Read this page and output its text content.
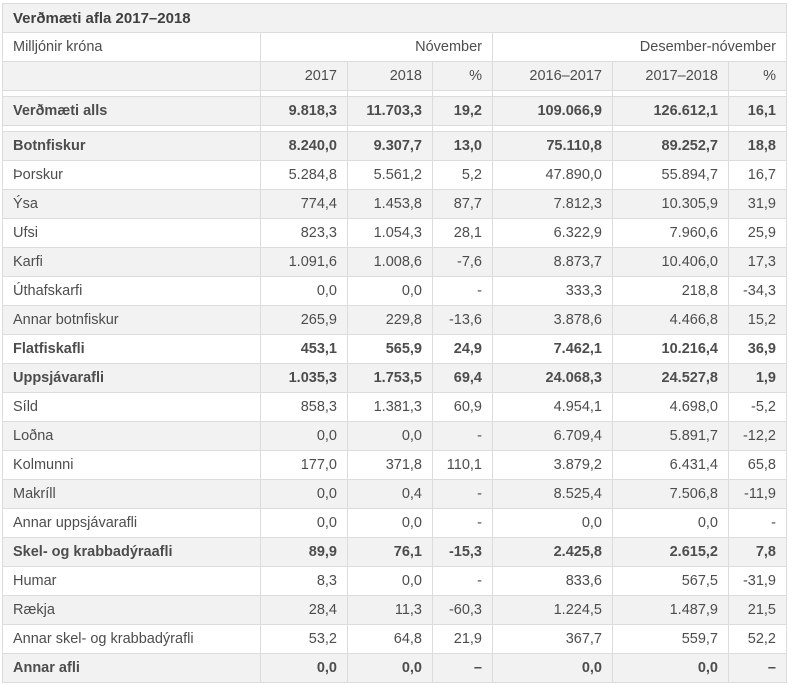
Verðmæti afla 2017–2018						
Milljónir króna	Nóvember			Desember-nóvember		
	2017	2018	%	2016–2017	2017–2018	%

Verðmæti alls	9.818,3	11.703,3	19,2	109.066,9	126.612,1	16,1

Botnfiskur	8.240,0	9.307,7	13,0	75.110,8	89.252,7	18,8
Þorskur	5.284,8	5.561,2	5,2	47.890,0	55.894,7	16,7
Ýsa	774,4	1.453,8	87,7	7.812,3	10.305,9	31,9
Ufsi	823,3	1.054,3	28,1	6.322,9	7.960,6	25,9
Karfi	1.091,6	1.008,6	-7,6	8.873,7	10.406,0	17,3
Úthafskarfi	0,0	0,0	-	333,3	218,8	-34,3
Annar botnfiskur	265,9	229,8	-13,6	3.878,6	4.466,8	15,2
Flatfiskafli	453,1	565,9	24,9	7.462,1	10.216,4	36,9
Uppsjávarafli	1.035,3	1.753,5	69,4	24.068,3	24.527,8	1,9
Síld	858,3	1.381,3	60,9	4.954,1	4.698,0	-5,2
Loðna	0,0	0,0	-	6.709,4	5.891,7	-12,2
Kolmunni	177,0	371,8	110,1	3.879,2	6.431,4	65,8
Makríll	0,0	0,4	-	8.525,4	7.506,8	-11,9
Annar uppsjávarafli	0,0	0,0	-	0,0	0,0	-
Skel- og krabbadýraafli	89,9	76,1	-15,3	2.425,8	2.615,2	7,8
Humar	8,3	0,0	-	833,6	567,5	-31,9
Rækja	28,4	11,3	-60,3	1.224,5	1.487,9	21,5
Annar skel- og krabbadýrafli	53,2	64,8	21,9	367,7	559,7	52,2
Annar afli	0,0	0,0	–	0,0	0,0	–
